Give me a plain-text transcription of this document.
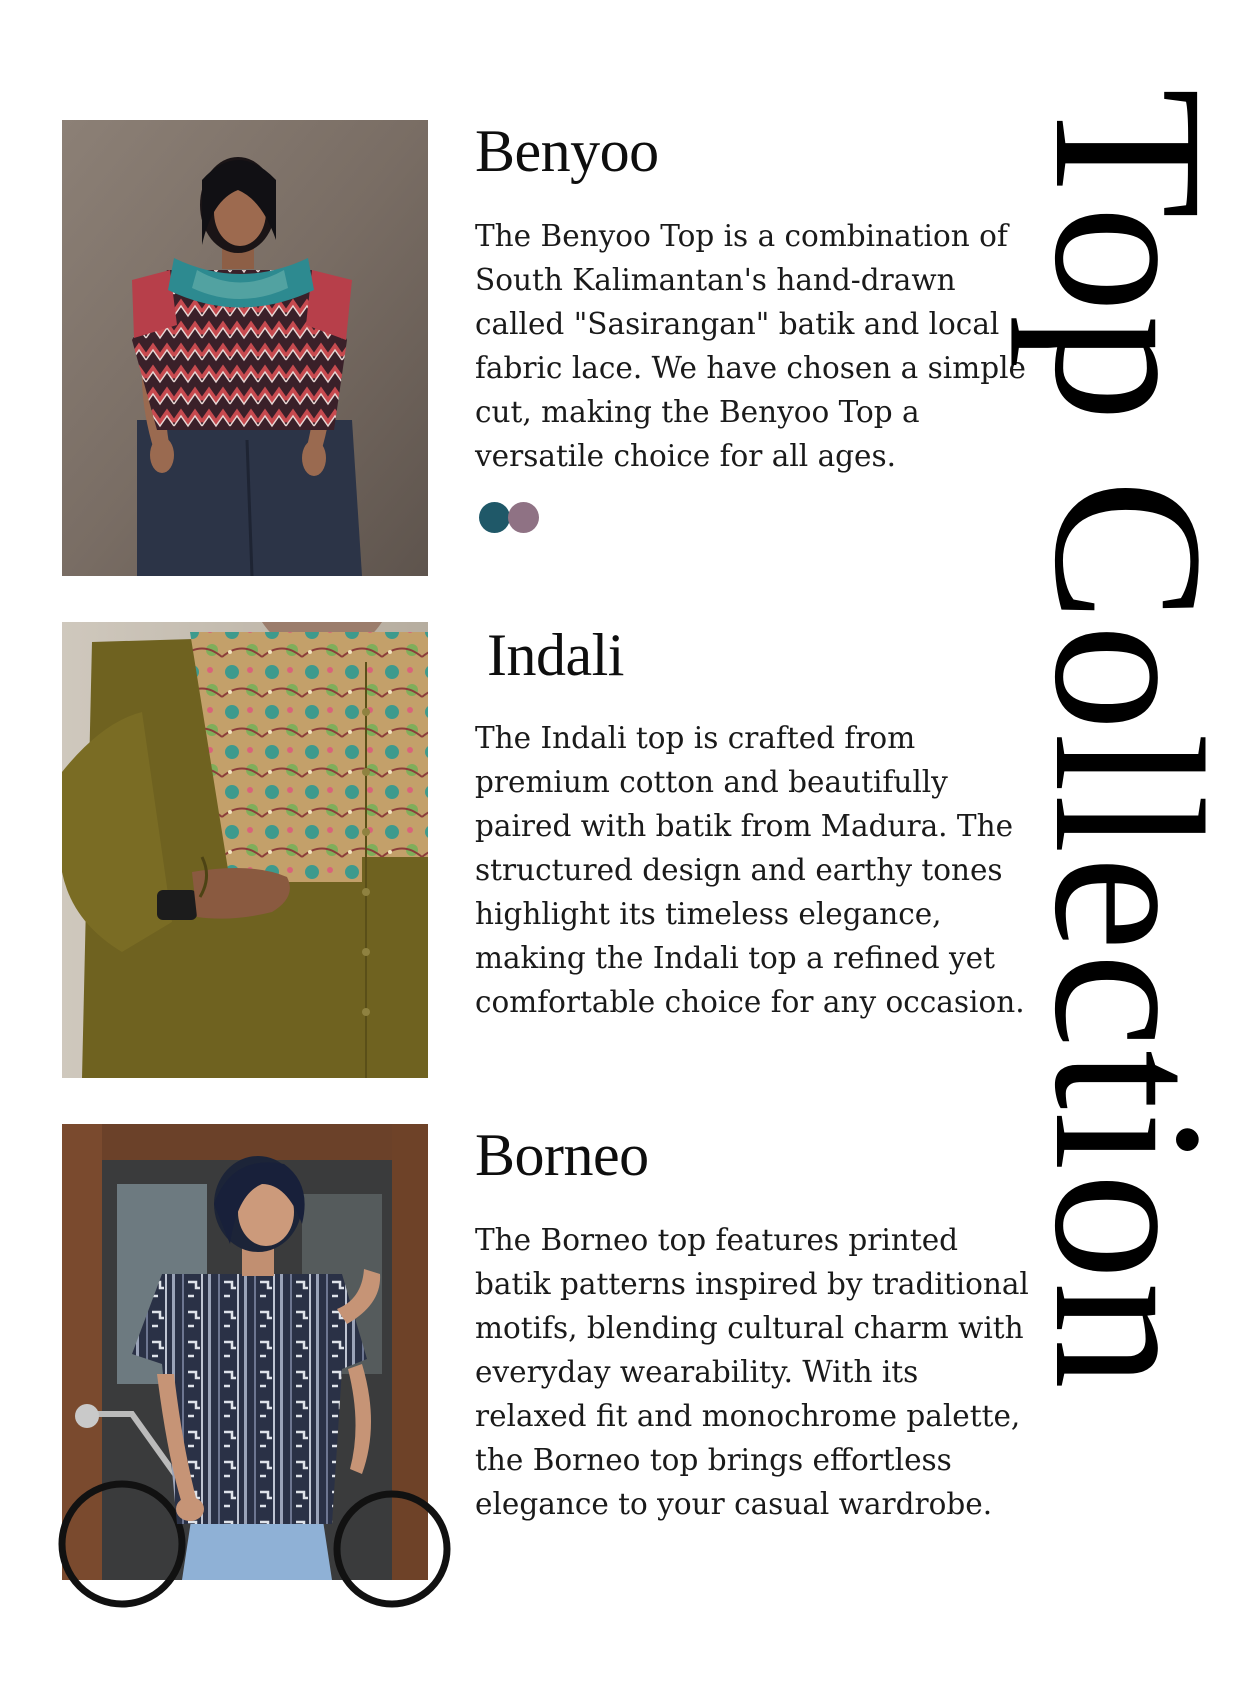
Benyoo

The Benyoo Top is a combination of South Kalimantan's hand-drawn called "Sasirangan" batik and local fabric lace. We have chosen a simple cut, making the Benyoo Top a versatile choice for all ages.

Indali

The Indali top is crafted from premium cotton and beautifully paired with batik from Madura. The structured design and earthy tones highlight its timeless elegance, making the Indali top a refined yet comfortable choice for any occasion.

Borneo

The Borneo top features printed batik patterns inspired by traditional motifs, blending cultural charm with everyday wearability. With its relaxed fit and monochrome palette, the Borneo top brings effortless elegance to your casual wardrobe.

Top Collection
